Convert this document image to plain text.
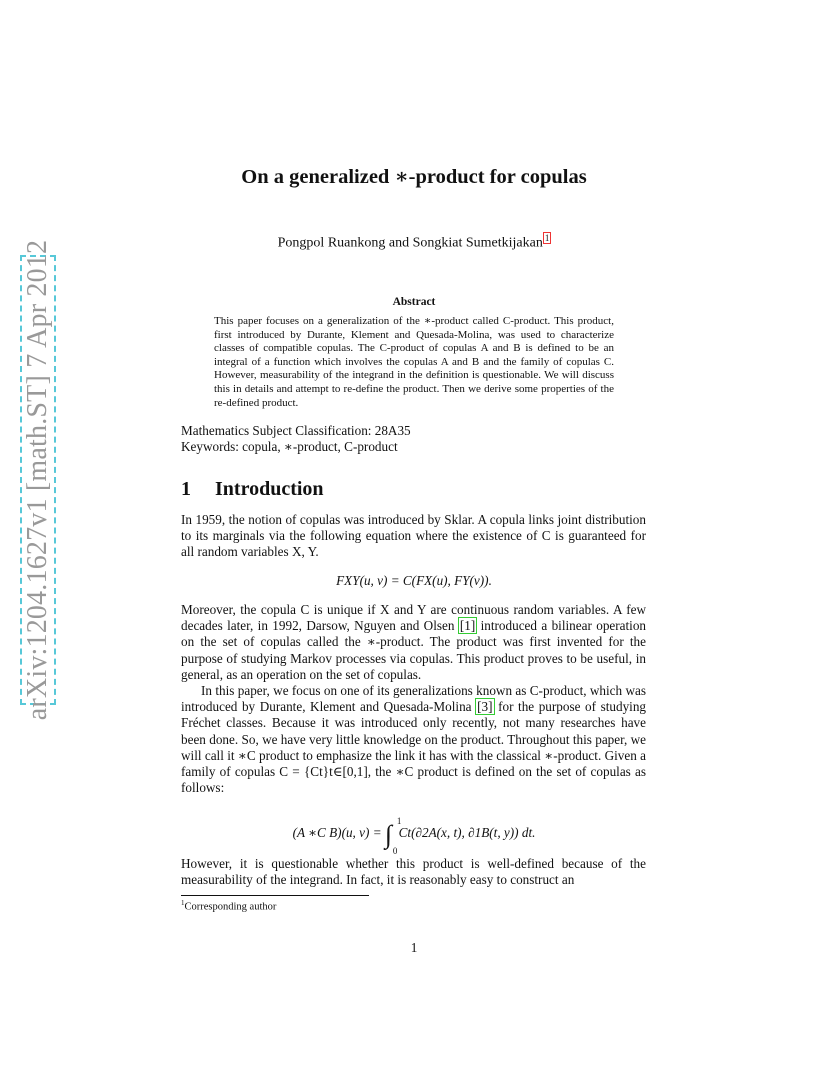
arXiv:1204.1627v1 [math.ST] 7 Apr 2012
On a generalized ∗-product for copulas
Pongpol Ruankong and Songkiat Sumetkijakan $^1$
Abstract
This paper focuses on a generalization of the ∗-product called C-product. This product, first introduced by Durante, Klement and Quesada-Molina, was used to characterize classes of compatible copulas. The C-product of copulas A and B is defined to be an integral of a function which involves the copulas A and B and the family of copulas C. However, measurability of the integrand in the definition is questionable. We will discuss this in details and attempt to re-define the product. Then we derive some properties of the re-defined product.
Mathematics Subject Classification: 28A35
Keywords: copula, ∗-product, C-product
1 Introduction
In 1959, the notion of copulas was introduced by Sklar. A copula links joint distribution to its marginals via the following equation where the existence of C is guaranteed for all random variables X, Y.
FXY(u, v) = C(FX(u), FY(v)).
Moreover, the copula C is unique if X and Y are continuous random variables. A few decades later, in 1992, Darsow, Nguyen and Olsen [1] introduced a bilinear operation on the set of copulas called the ∗-product. The product was first invented for the purpose of studying Markov processes via copulas. This product proves to be useful, in general, as an operation on the set of copulas.
In this paper, we focus on one of its generalizations known as C-product, which was introduced by Durante, Klement and Quesada-Molina [3] for the purpose of studying Fréchet classes. Because it was introduced only recently, not many researches have been done. So, we have very little knowledge on the product. Throughout this paper, we will call it ∗C product to emphasize the link it has with the classical ∗-product. Given a family of copulas C = {Ct}t∈[0,1], the ∗C product is defined on the set of copulas as follows:
(A ∗C B)(u, v) = ∫ 1
0
Ct(∂2A(x, t), ∂1B(t, y)) dt.
However, it is questionable whether this product is well-defined because of the measurability of the integrand. In fact, it is reasonably easy to construct an
$^1$Corresponding author
1
